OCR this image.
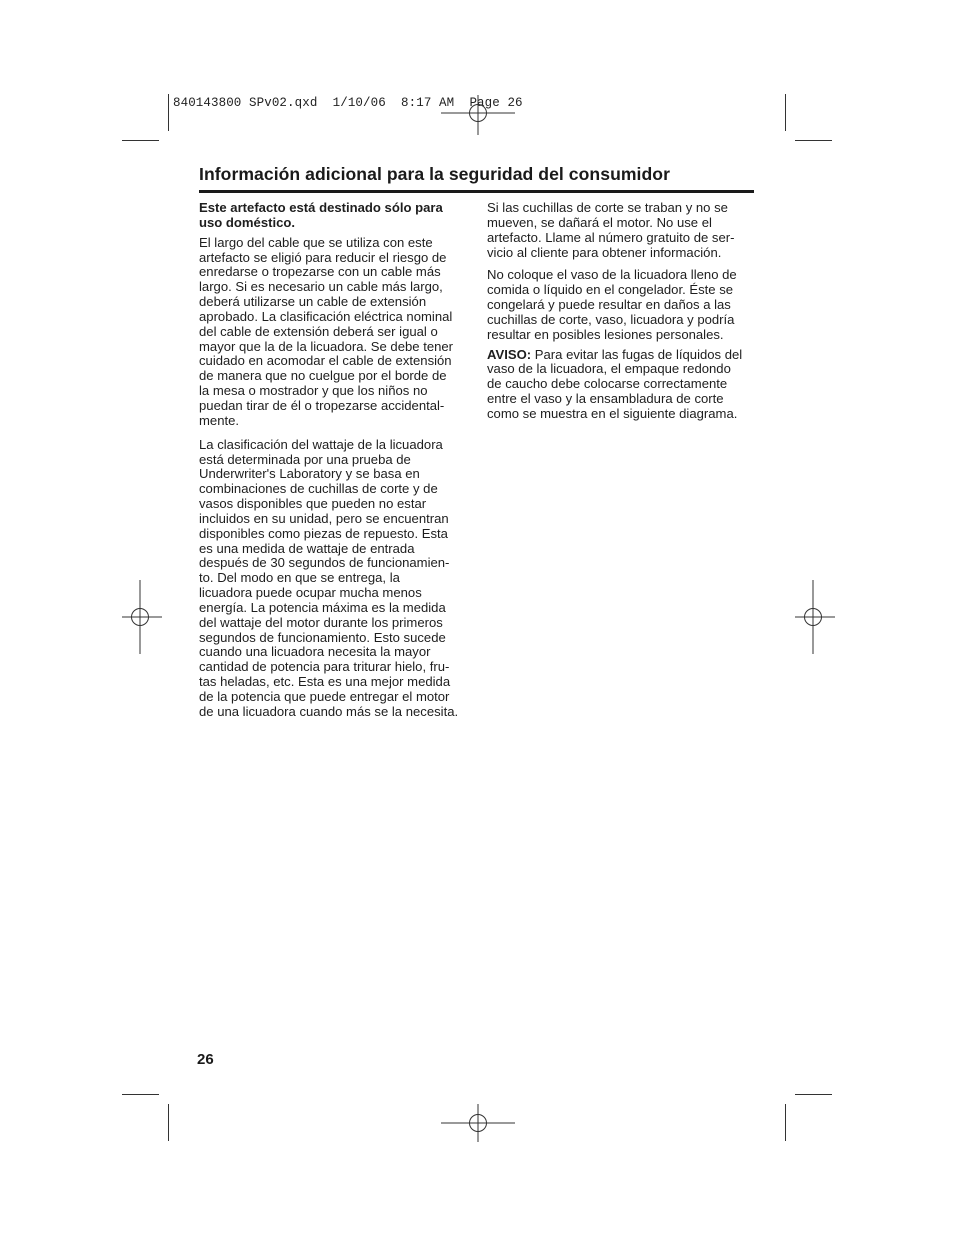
840143800 SPv02.qxd  1/10/06  8:17 AM  Page 26
Información adicional para la seguridad del consumidor

Este artefacto está destinado sólo para
uso doméstico.

El largo del cable que se utiliza con este
artefacto se eligió para reducir el riesgo de
enredarse o tropezarse con un cable más
largo. Si es necesario un cable más largo,
deberá utilizarse un cable de extensión
aprobado. La clasificación eléctrica nominal
del cable de extensión deberá ser igual o
mayor que la de la licuadora. Se debe tener
cuidado en acomodar el cable de extensión
de manera que no cuelgue por el borde de
la mesa o mostrador y que los niños no
puedan tirar de él o tropezarse accidental-
mente.

La clasificación del wattaje de la licuadora
está determinada por una prueba de
Underwriter's Laboratory y se basa en
combinaciones de cuchillas de corte y de
vasos disponibles que pueden no estar
incluidos en su unidad, pero se encuentran
disponibles como piezas de repuesto. Esta
es una medida de wattaje de entrada
después de 30 segundos de funcionamien-
to. Del modo en que se entrega, la
licuadora puede ocupar mucha menos
energía. La potencia máxima es la medida
del wattaje del motor durante los primeros
segundos de funcionamiento. Esto sucede
cuando una licuadora necesita la mayor
cantidad de potencia para triturar hielo, fru-
tas heladas, etc. Esta es una mejor medida
de la potencia que puede entregar el motor
de una licuadora cuando más se la necesita.

Si las cuchillas de corte se traban y no se
mueven, se dañará el motor. No use el
artefacto. Llame al número gratuito de ser-
vicio al cliente para obtener información.

No coloque el vaso de la licuadora lleno de
comida o líquido en el congelador. Éste se
congelará y puede resultar en daños a las
cuchillas de corte, vaso, licuadora y podría
resultar en posibles lesiones personales.

AVISO: Para evitar las fugas de líquidos del
vaso de la licuadora, el empaque redondo
de caucho debe colocarse correctamente
entre el vaso y la ensambladura de corte
como se muestra en el siguiente diagrama.

26
